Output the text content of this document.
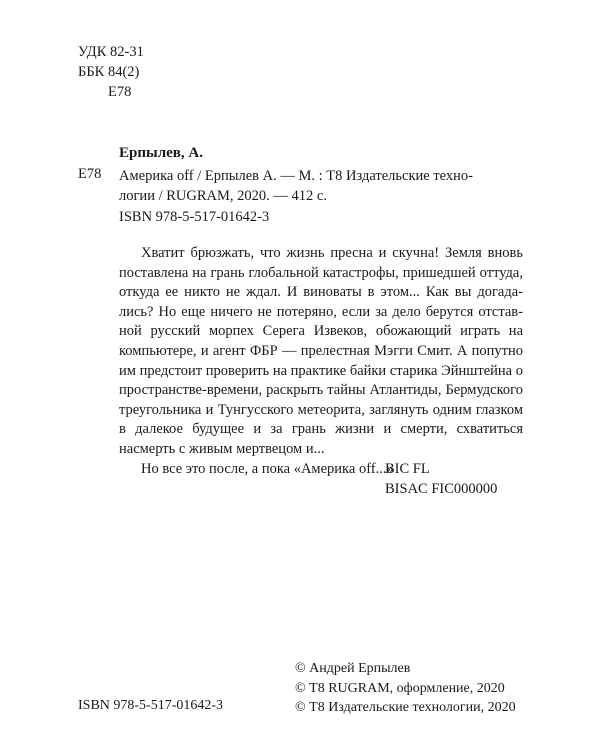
УДК 82-31
ББК 84(2)
Е78
Ерпылев, А.
Е78 Америка off / Ерпылев А. — М. : Т8 Издательские техно-
логии / RUGRAM, 2020. — 412 с.
ISBN 978-5-517-01642-3

Хватит брюзжать, что жизнь пресна и скучна! Земля вновь поставлена на грань глобальной катастрофы, пришедшей оттуда, откуда ее никто не ждал. И виноваты в этом... Как вы догадались? Но еще ничего не потеряно, если за дело берутся отставной русский морпех Серега Извеков, обожающий играть на компьютере, и агент ФБР — прелестная Мэгги Смит. А попутно им предстоит проверить на практике байки старика Эйнштейна о пространстве-времени, раскрыть тайны Атлантиды, Бермудского треугольника и Тунгусского метеорита, заглянуть одним глазком в далекое будущее и за грань жизни и смерти, схватиться насмерть с живым мертвецом и...

Но все это после, а пока «Америка off...»

BIC FL
BISAC FIC000000
© Андрей Ерпылев
© Т8 RUGRAM, оформление, 2020
© Т8 Издательские технологии, 2020
ISBN 978-5-517-01642-3
